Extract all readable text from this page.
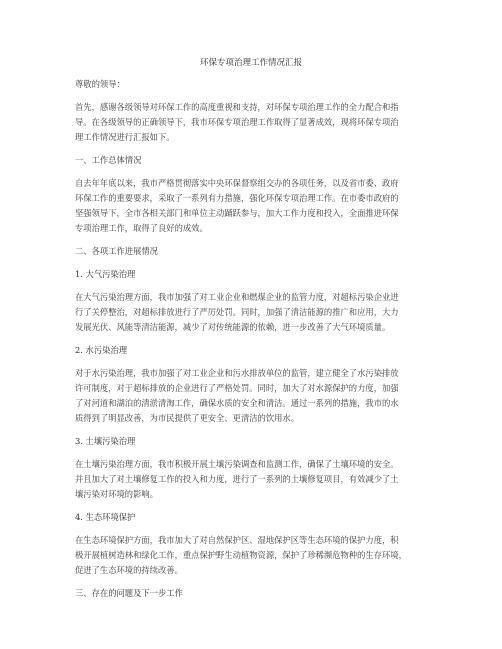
环保专项治理工作情况汇报

尊敬的领导：

首先，感谢各级领导对环保工作的高度重视和支持，对环保专项治理工作的全力配合和指

导。在各级领导的正确领导下，我市环保专项治理工作取得了显著成效，现将环保专项治

理工作情况进行汇报如下。

一、工作总体情况

自去年年底以来，我市严格贯彻落实中央环保督察组交办的各项任务，以及省市委、政府

环保工作的重要要求，采取了一系列有力措施，强化环保专项治理工作。在市委市政府的

坚强领导下，全市各相关部门和单位主动踊跃参与，加大工作力度和投入，全面推进环保

专项治理工作，取得了良好的成效。

二、各项工作进展情况

1. 大气污染治理

在大气污染治理方面，我市加强了对工业企业和燃煤企业的监管力度，对超标污染企业进

行了关停整治，对超标排放进行了严厉处罚。同时，加强了清洁能源的推广和应用，大力

发展光伏、风能等清洁能源，减少了对传统能源的依赖，进一步改善了大气环境质量。

2. 水污染治理

对于水污染治理，我市加强了对工业企业和污水排放单位的监管，建立健全了水污染排放

许可制度，对于超标排放的企业进行了严格处罚。同时，加大了对水源保护的力度，加强

了对河道和湖泊的清淤清淘工作，确保水质的安全和清洁。通过一系列的措施，我市的水

质得到了明显改善，为市民提供了更安全、更清洁的饮用水。

3. 土壤污染治理

在土壤污染治理方面，我市积极开展土壤污染调查和监测工作，确保了土壤环境的安全。

并且加大了对土壤修复工作的投入和力度，进行了一系列的土壤修复项目，有效减少了土

壤污染对环境的影响。

4. 生态环境保护

在生态环境保护方面，我市加大了对自然保护区、湿地保护区等生态环境的保护力度，积

极开展植树造林和绿化工作，重点保护野生动植物资源，保护了珍稀濒危物种的生存环境，

促进了生态环境的持续改善。

三、存在的问题及下一步工作
